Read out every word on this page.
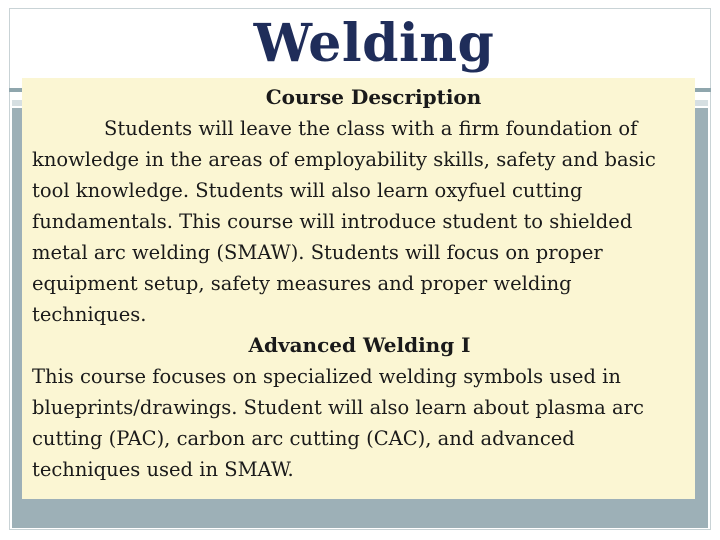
Welding
Course Description

Students will leave the class with a firm foundation of knowledge in the areas of employability skills, safety and basic tool knowledge. Students will also learn oxyfuel cutting fundamentals. This course will introduce student to shielded metal arc welding (SMAW). Students will focus on proper equipment setup, safety measures and proper welding techniques.

Advanced Welding I

This course focuses on specialized welding symbols used in blueprints/drawings. Student will also learn about plasma arc cutting (PAC), carbon arc cutting (CAC), and advanced techniques used in SMAW.
